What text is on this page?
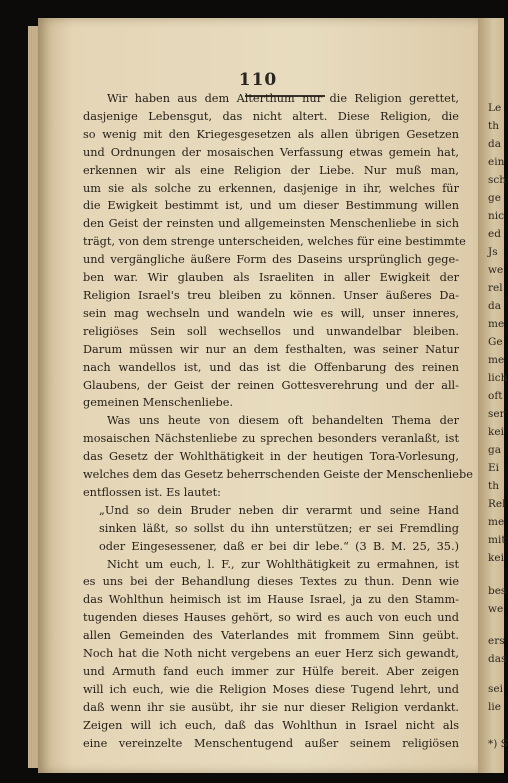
110
Wir haben aus dem Alterthum nur die Religion gerettet,
dasjenige Lebensgut, das nicht altert. Diese Religion, die
so wenig mit den Kriegesgesetzen als allen übrigen Gesetzen
und Ordnungen der mosaischen Verfassung etwas gemein hat,
erkennen wir als eine Religion der Liebe. Nur muß man,
um sie als solche zu erkennen, dasjenige in ihr, welches für
die Ewigkeit bestimmt ist, und um dieser Bestimmung willen
den Geist der reinsten und allgemeinsten Menschenliebe in sich
trägt, von dem strenge unterscheiden, welches für eine bestimmte
und vergängliche äußere Form des Daseins ursprünglich gege-
ben war. Wir glauben als Israeliten in aller Ewigkeit der
Religion Israel's treu bleiben zu können. Unser äußeres Da-
sein mag wechseln und wandeln wie es will, unser inneres,
religiöses Sein soll wechsellos und unwandelbar bleiben.
Darum müssen wir nur an dem festhalten, was seiner Natur
nach wandellos ist, und das ist die Offenbarung des reinen
Glaubens, der Geist der reinen Gottesverehrung und der all-
gemeinen Menschenliebe.
Was uns heute von diesem oft behandelten Thema der
mosaischen Nächstenliebe zu sprechen besonders veranlaßt, ist
das Gesetz der Wohlthätigkeit in der heutigen Tora-Vorlesung,
welches dem das Gesetz beherrschenden Geiste der Menschenliebe
entflossen ist. Es lautet:
„Und so dein Bruder neben dir verarmt und seine Hand
sinken läßt, so sollst du ihn unterstützen; er sei Fremdling
oder Eingesessener, daß er bei dir lebe.“ (3 B. M. 25, 35.)
Nicht um euch, l. F., zur Wohlthätigkeit zu ermahnen, ist
es uns bei der Behandlung dieses Textes zu thun. Denn wie
das Wohlthun heimisch ist im Hause Israel, ja zu den Stamm-
tugenden dieses Hauses gehört, so wird es auch von euch und
allen Gemeinden des Vaterlandes mit frommem Sinn geübt.
Noch hat die Noth nicht vergebens an euer Herz sich gewandt,
und Armuth fand euch immer zur Hülfe bereit. Aber zeigen
will ich euch, wie die Religion Moses diese Tugend lehrt, und
daß wenn ihr sie ausübt, ihr sie nur dieser Religion verdankt.
Zeigen will ich euch, daß das Wohlthun in Israel nicht als
eine vereinzelte Menschentugend außer seinem religiösen
Le
th
da
ein
sch
ge
nic
ed
Js
we
rel
da
me
Ge
me
lich
oft
ser
kei
ga
Ei
th
Rel
me
mit
kei
bes
we
ers
das
sei
lie
*) S
